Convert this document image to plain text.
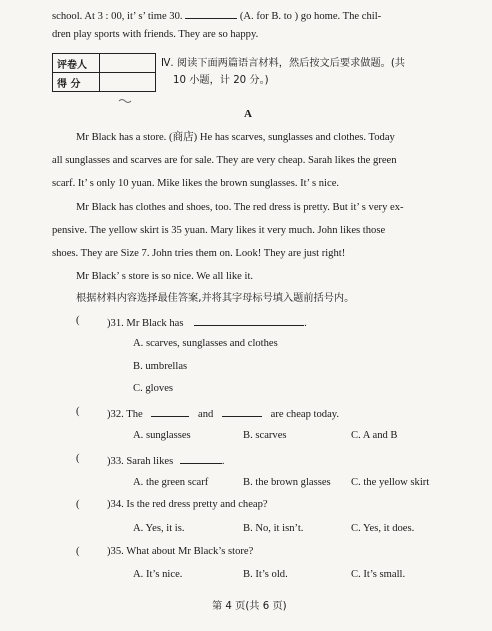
school. At 3 : 00, it’ s’ time 30.	(A. for B. to ) go home. The chil-
dren play sports with friends. They are so happy.
评卷人	
得 分	
Ⅳ. 阅读下面两篇语言材料，然后按文后要求做题。(共
10 小题，计 20 分。)
A
Mr Black has a store. (商店) He has scarves, sunglasses and clothes. Today
all sunglasses and scarves are for sale. They are very cheap. Sarah likes the green
scarf. It’ s only 10 yuan. Mike likes the brown sunglasses. It’ s nice.
Mr Black has clothes and shoes, too. The red dress is pretty. But it’ s very ex-
pensive. The yellow skirt is 35 yuan. Mary likes it very much. John likes those
shoes. They are Size 7. John tries them on. Look! They are just right!
Mr Black’ s store is so nice. We all like it.
根据材料内容选择最佳答案,并将其字母标号填入题前括号内。
(	)31. Mr Black has	.
A. scarves, sunglasses and clothes
B. umbrellas
C. gloves
(	)32. The	and	are cheap today.
A. sunglasses	B. scarves	C. A and B
(	)33. Sarah likes	.
A. the green scarf	B. the brown glasses C. the yellow skirt
(	)34. Is the red dress pretty and cheap?
A. Yes, it is.	B. No, it isn’t.	C. Yes, it does.
(	)35. What about Mr Black’s store?
A. It’s nice.	B. It’s old.	C. It’s small.
第 4 页(共 6 页)
